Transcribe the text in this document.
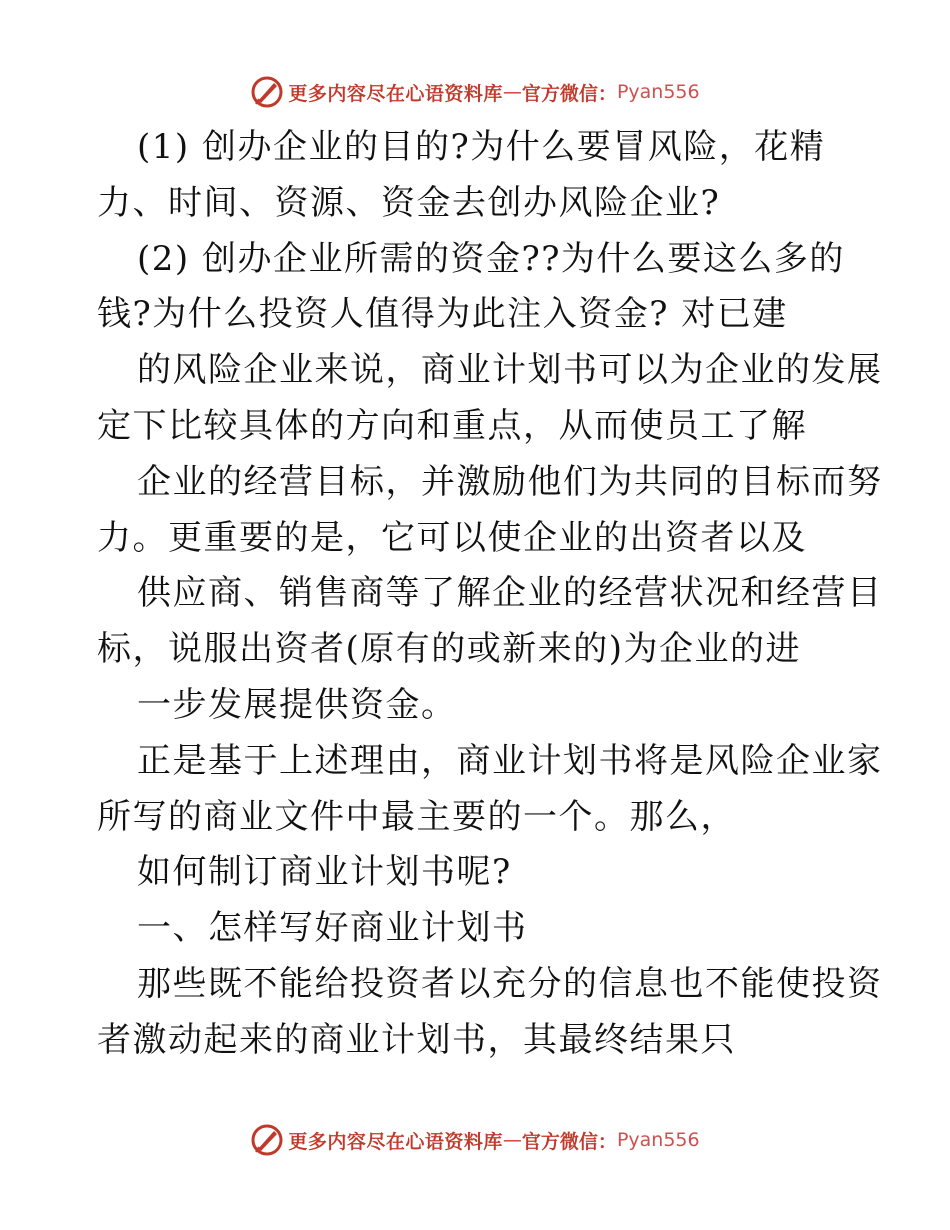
更多内容尽在心语资料库 — 官方微信： Pyan556
(1) 创办企业的目的?为什么要冒风险，花精
力、时间、资源、资金去创办风险企业?
(2) 创办企业所需的资金??为什么要这么多的
钱?为什么投资人值得为此注入资金? 对已建
的风险企业来说，商业计划书可以为企业的发展
定下比较具体的方向和重点，从而使员工了解
企业的经营目标，并激励他们为共同的目标而努
力。更重要的是，它可以使企业的出资者以及
供应商、销售商等了解企业的经营状况和经营目
标，说服出资者(原有的或新来的)为企业的进
一步发展提供资金。
正是基于上述理由，商业计划书将是风险企业家
所写的商业文件中最主要的一个。那么，
如何制订商业计划书呢?
一、怎样写好商业计划书
那些既不能给投资者以充分的信息也不能使投资
者激动起来的商业计划书，其最终结果只
更多内容尽在心语资料库 — 官方微信： Pyan556
